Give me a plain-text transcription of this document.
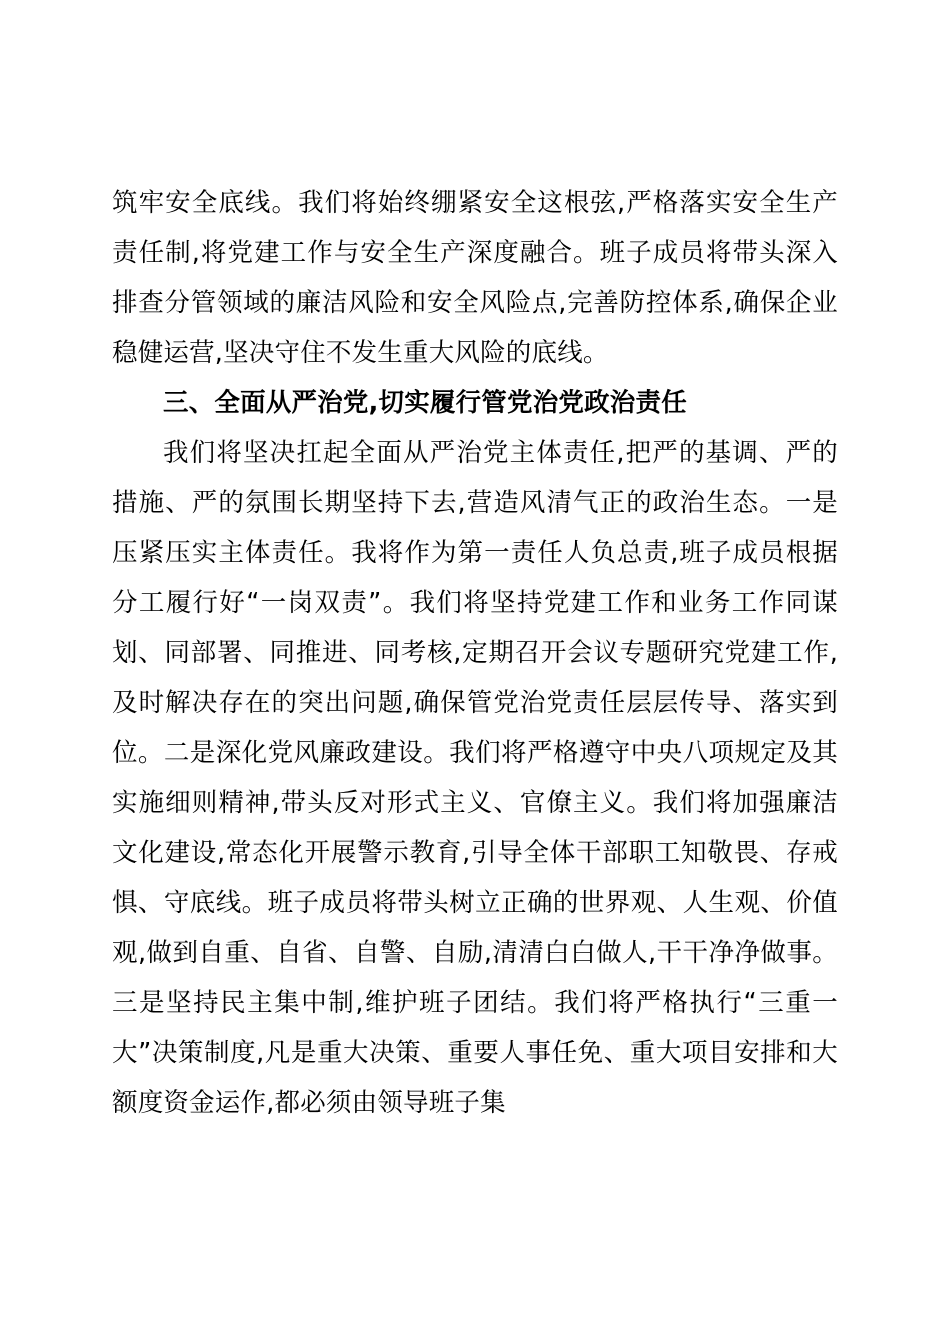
筑牢安全底线。我们将始终绷紧安全这根弦,严格落实安全生产责任制,将党建工作与安全生产深度融合。班子成员将带头深入排查分管领域的廉洁风险和安全风险点,完善防控体系,确保企业稳健运营,坚决守住不发生重大风险的底线。

三、全面从严治党,切实履行管党治党政治责任

我们将坚决扛起全面从严治党主体责任,把严的基调、严的措施、严的氛围长期坚持下去,营造风清气正的政治生态。一是压紧压实主体责任。我将作为第一责任人负总责,班子成员根据分工履行好“一岗双责”。我们将坚持党建工作和业务工作同谋划、同部署、同推进、同考核,定期召开会议专题研究党建工作,及时解决存在的突出问题,确保管党治党责任层层传导、落实到位。二是深化党风廉政建设。我们将严格遵守中央八项规定及其实施细则精神,带头反对形式主义、官僚主义。我们将加强廉洁文化建设,常态化开展警示教育,引导全体干部职工知敬畏、存戒惧、守底线。班子成员将带头树立正确的世界观、人生观、价值观,做到自重、自省、自警、自励,清清白白做人,干干净净做事。三是坚持民主集中制,维护班子团结。我们将严格执行“三重一大”决策制度,凡是重大决策、重要人事任免、重大项目安排和大额度资金运作,都必须由领导班子集
